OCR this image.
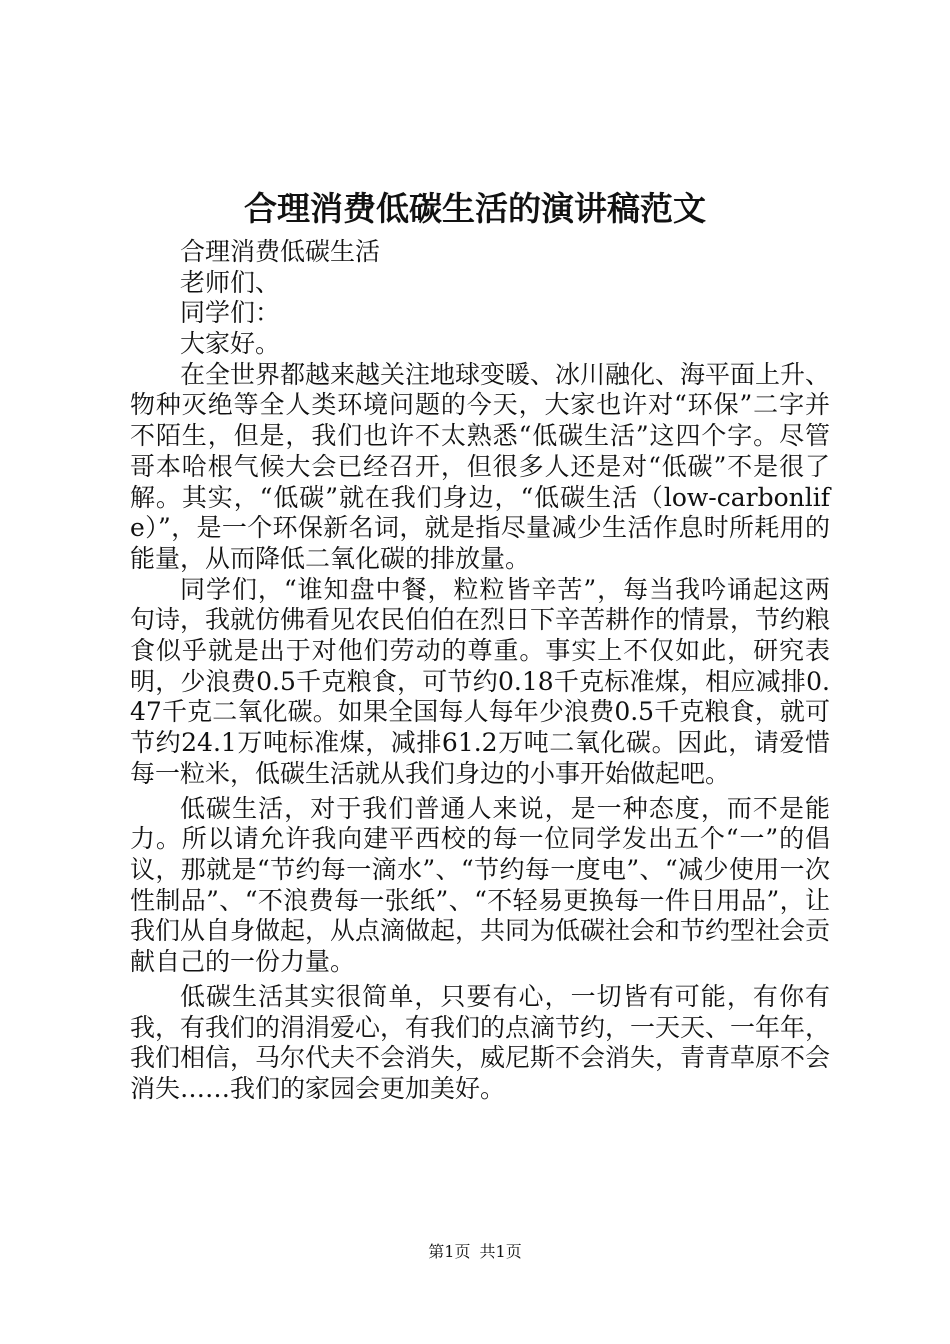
合理消费低碳生活的演讲稿范文
合理消费低碳生活
老师们、
同学们：
大家好。

在全世界都越来越关注地球变暖、冰川融化、海平面上升、物种灭绝等全人类环境问题的今天，大家也许对“环保”二字并不陌生，但是，我们也许不太熟悉“低碳生活”这四个字。尽管哥本哈根气候大会已经召开，但很多人还是对“低碳”不是很了解。其实，“低碳”就在我们身边，“低碳生活（low-carbonlife）”，是一个环保新名词，就是指尽量减少生活作息时所耗用的能量，从而降低二氧化碳的排放量。

同学们，“谁知盘中餐，粒粒皆辛苦”，每当我吟诵起这两句诗，我就仿佛看见农民伯伯在烈日下辛苦耕作的情景，节约粮食似乎就是出于对他们劳动的尊重。事实上不仅如此，研究表明，少浪费0.5千克粮食，可节约0.18千克标准煤，相应减排0.47千克二氧化碳。如果全国每人每年少浪费0.5千克粮食，就可节约24.1万吨标准煤，减排61.2万吨二氧化碳。因此，请爱惜每一粒米，低碳生活就从我们身边的小事开始做起吧。

低碳生活，对于我们普通人来说，是一种态度，而不是能力。所以请允许我向建平西校的每一位同学发出五个“一”的倡议，那就是“节约每一滴水”、“节约每一度电”、“减少使用一次性制品”、“不浪费每一张纸”、“不轻易更换每一件日用品”，让我们从自身做起，从点滴做起，共同为低碳社会和节约型社会贡献自己的一份力量。

低碳生活其实很简单，只要有心，一切皆有可能，有你有我，有我们的涓涓爱心，有我们的点滴节约，一天天、一年年，我们相信，马尔代夫不会消失，威尼斯不会消失，青青草原不会消失……我们的家园会更加美好。

第1页 共1页
